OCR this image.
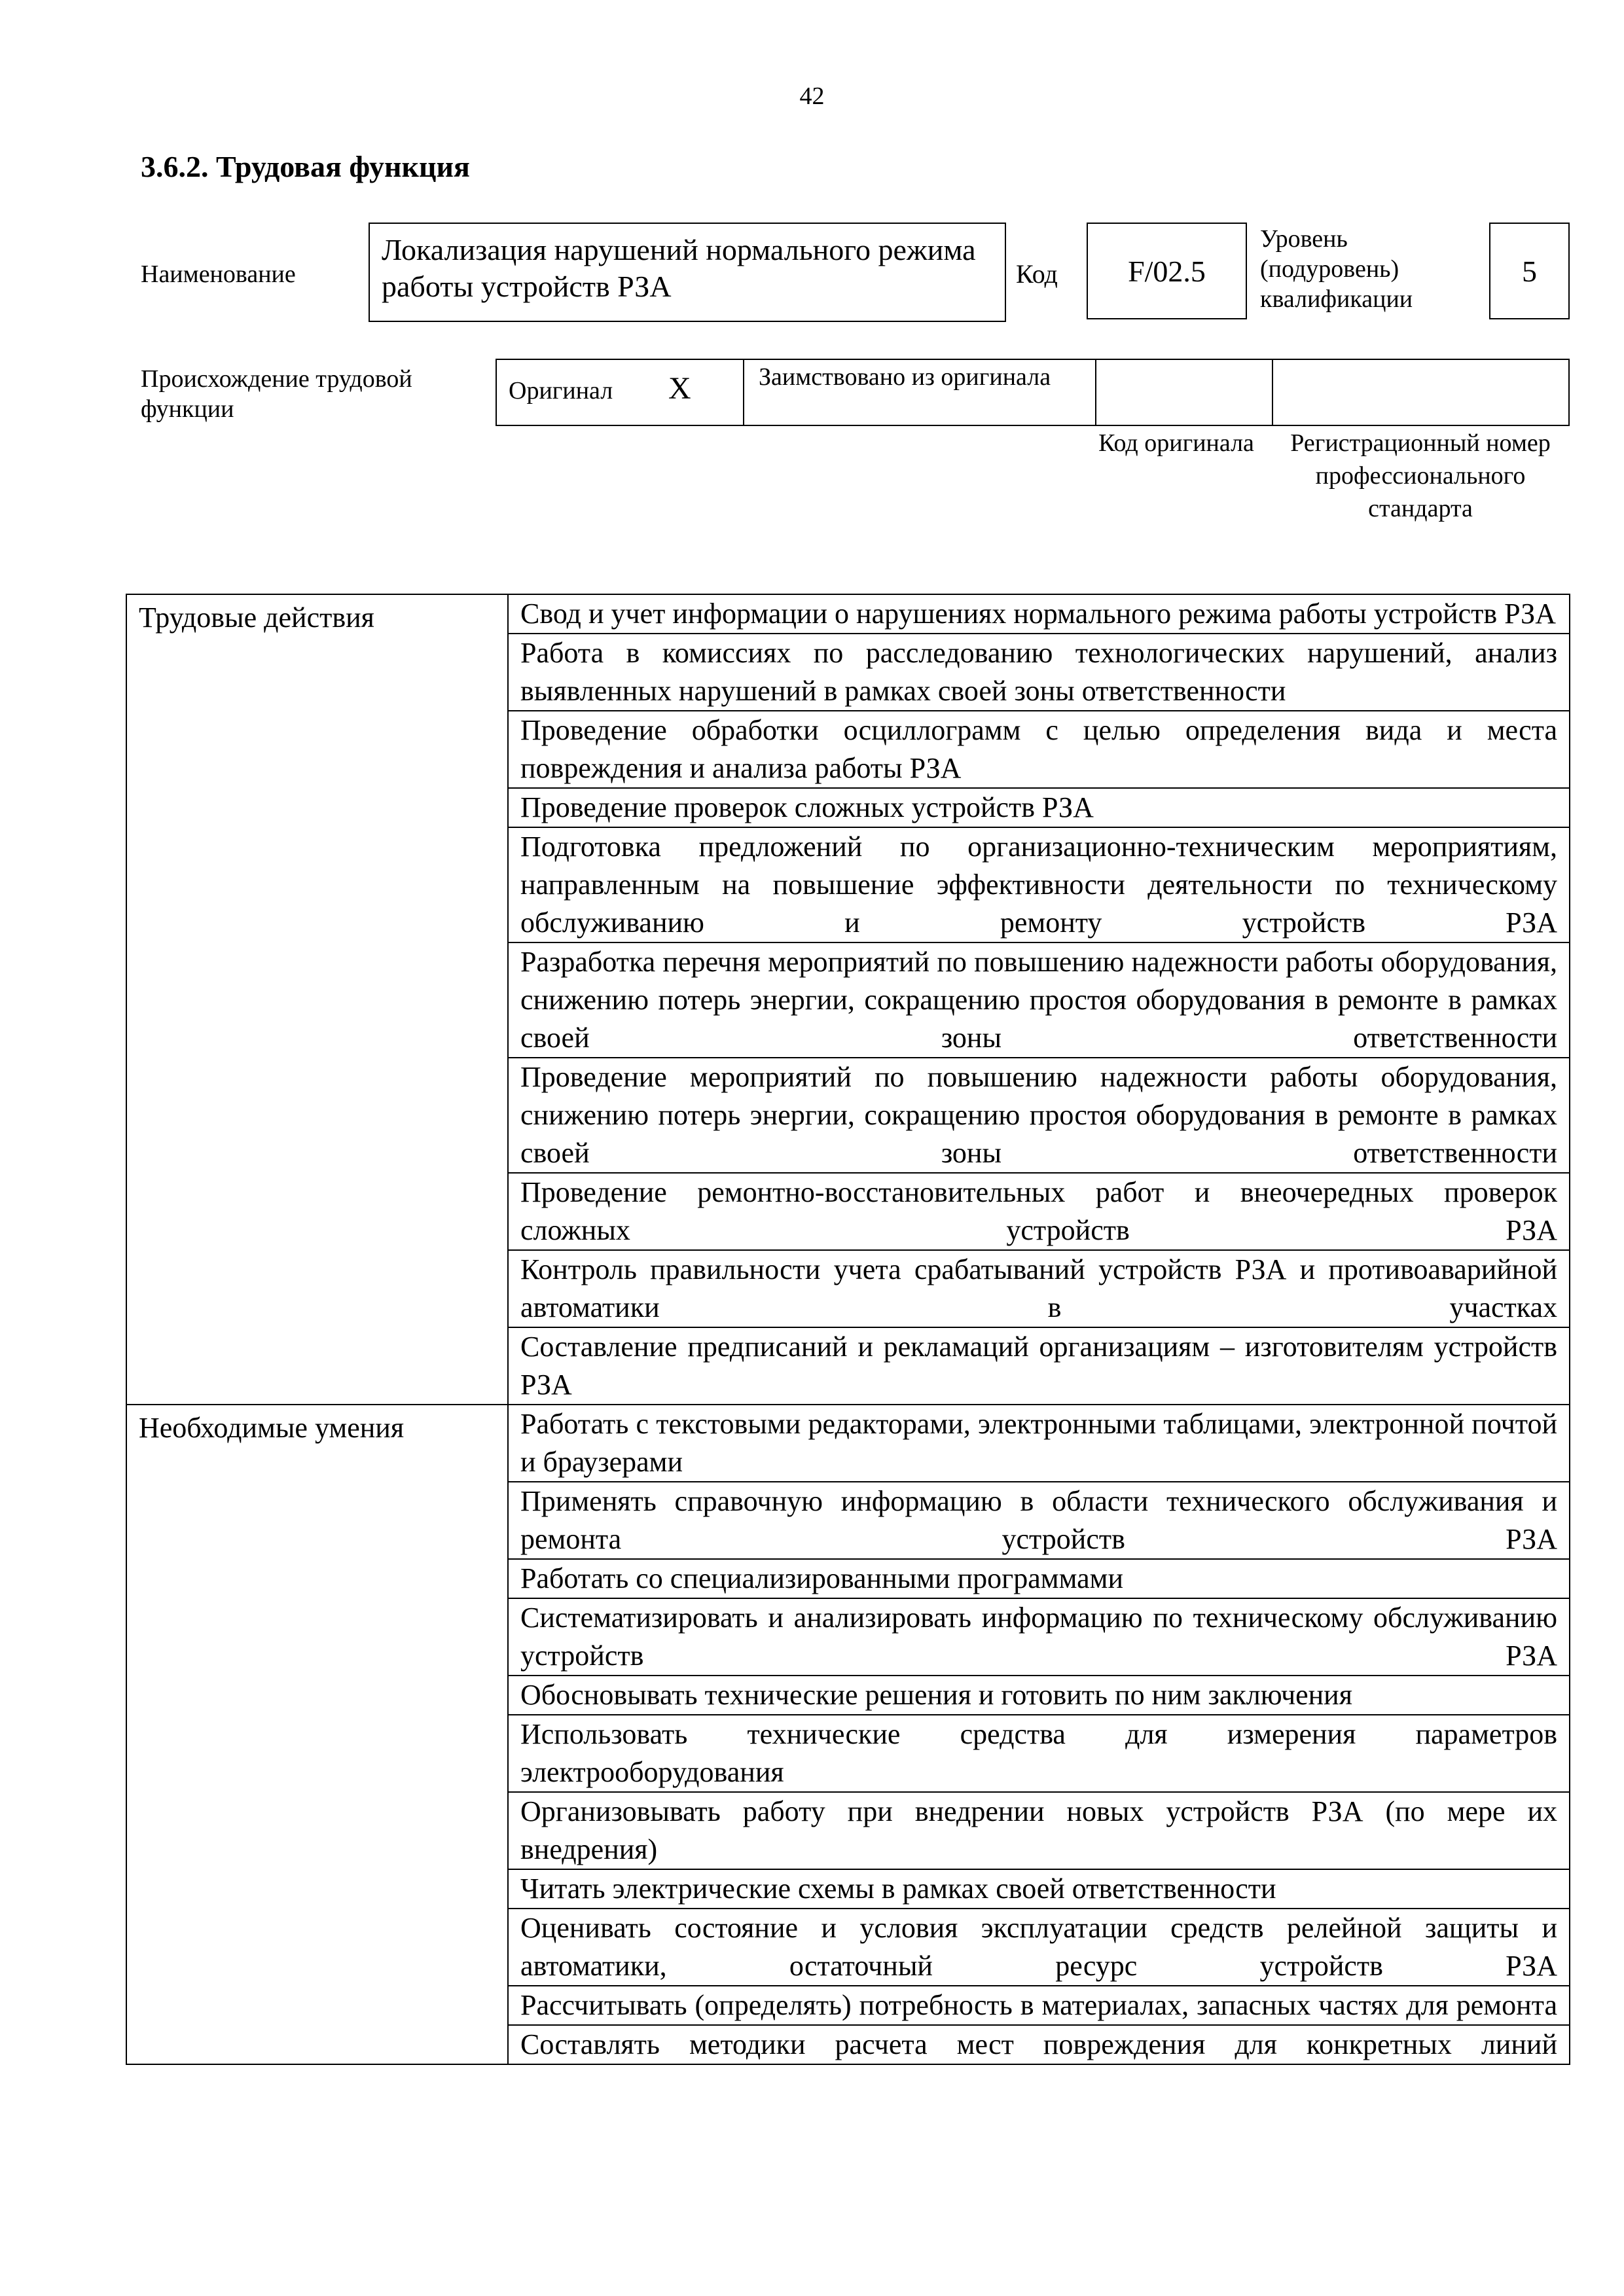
42
3.6.2. Трудовая функция
Наименование
Локализация нарушений нормального режима работы устройств РЗА	Код F/02.5
Уровень (подуровень) квалификации
5
Происхождение трудовой функции
Оригинал X	Заимствовано из оригинала
Код оригинала	Регистрационный номер профессионального стандарта
Трудовые действия	Свод и учет информации о нарушениях нормального режима работы устройств РЗА
	Работа в комиссиях по расследованию технологических нарушений, анализ выявленных нарушений в рамках своей зоны ответственности
	Проведение обработки осциллограмм с целью определения вида и места повреждения и анализа работы РЗА
	Проведение проверок сложных устройств РЗА
	Подготовка предложений по организационно-техническим мероприятиям, направленным на повышение эффективности деятельности по техническому обслуживанию и ремонту устройств РЗА
	Разработка перечня мероприятий по повышению надежности работы оборудования, снижению потерь энергии, сокращению простоя оборудования в ремонте в рамках своей зоны ответственности
	Проведение мероприятий по повышению надежности работы оборудования, снижению потерь энергии, сокращению простоя оборудования в ремонте в рамках своей зоны ответственности
	Проведение ремонтно-восстановительных работ и внеочередных проверок сложных устройств РЗА
	Контроль правильности учета срабатываний устройств РЗА и противоаварийной автоматики в участках
	Составление предписаний и рекламаций организациям – изготовителям устройств РЗА
Необходимые умения	Работать с текстовыми редакторами, электронными таблицами, электронной почтой и браузерами
	Применять справочную информацию в области технического обслуживания и ремонта устройств РЗА
	Работать со специализированными программами
	Систематизировать и анализировать информацию по техническому обслуживанию устройств РЗА
	Обосновывать технические решения и готовить по ним заключения
	Использовать технические средства для измерения параметров электрооборудования
	Организовывать работу при внедрении новых устройств РЗА (по мере их внедрения)
	Читать электрические схемы в рамках своей ответственности
	Оценивать состояние и условия эксплуатации средств релейной защиты и автоматики, остаточный ресурс устройств РЗА
	Рассчитывать (определять) потребность в материалах, запасных частях для ремонта
	Составлять методики расчета мест повреждения для конкретных линий
